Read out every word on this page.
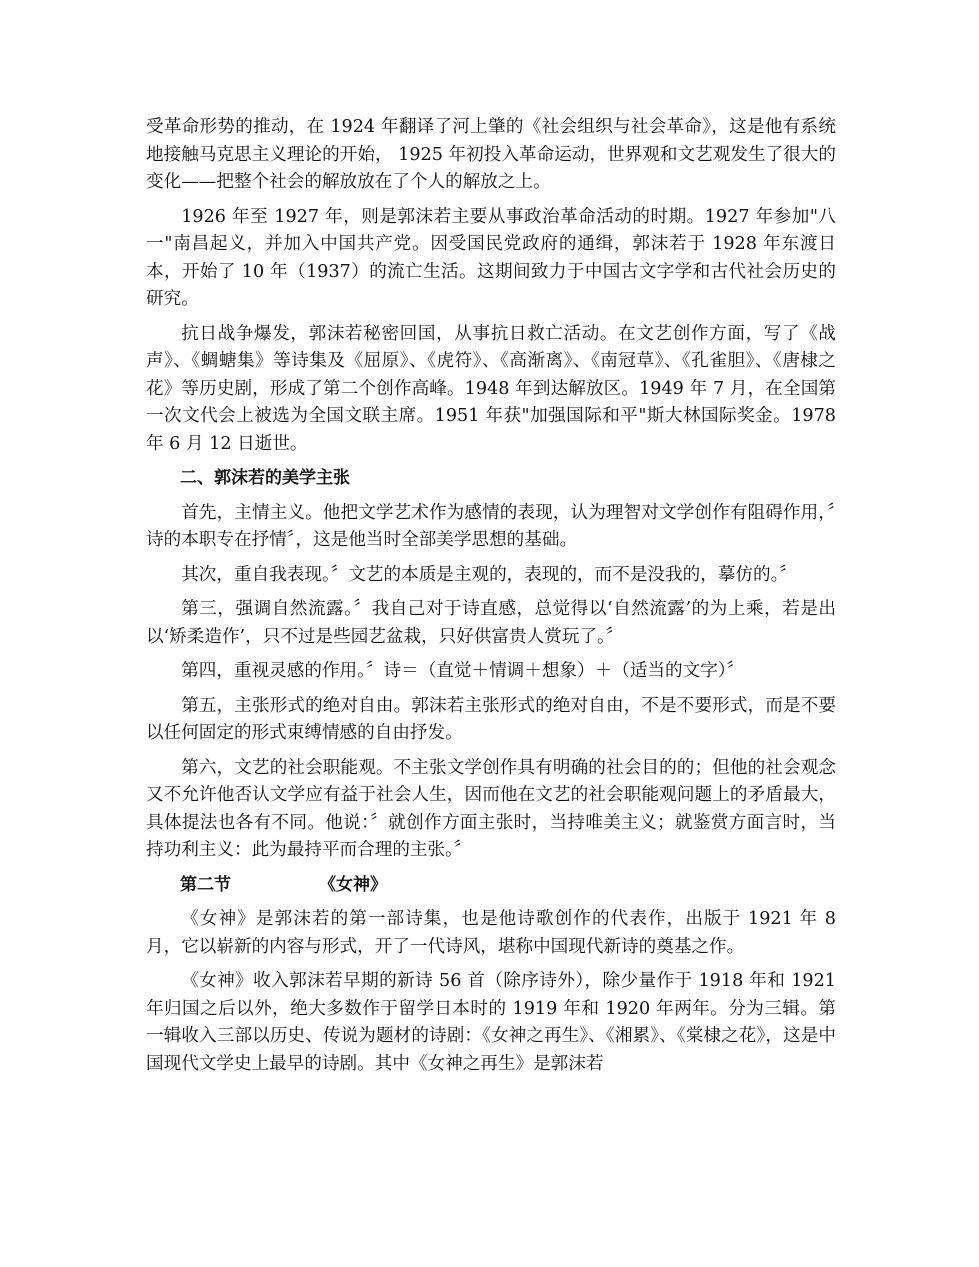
受革命形势的推动，在 1924 年翻译了河上肇的《社会组织与社会革命》，这是他有系统地接触马克思主义理论的开始， 1925 年初投入革命运动，世界观和文艺观发生了很大的变化——把整个社会的解放放在了个人的解放之上。

1926 年至 1927 年，则是郭沫若主要从事政治革命活动的时期。1927 年参加"八一"南昌起义，并加入中国共产党。因受国民党政府的通缉，郭沫若于 1928 年东渡日本，开始了 10 年（1937）的流亡生活。这期间致力于中国古文字学和古代社会历史的研究。

抗日战争爆发，郭沫若秘密回国，从事抗日救亡活动。在文艺创作方面，写了《战声》、《蜩螗集》等诗集及《屈原》、《虎符》、《高渐离》、《南冠草》、《孔雀胆》、《唐棣之花》等历史剧，形成了第二个创作高峰。1948 年到达解放区。1949 年 7 月，在全国第一次文代会上被选为全国文联主席。1951 年获"加强国际和平"斯大林国际奖金。1978 年 6 月 12 日逝世。

二、郭沫若的美学主张

首先，主情主义。他把文学艺术作为感情的表现，认为理智对文学创作有阻碍作用，〞诗的本职专在抒情〞，这是他当时全部美学思想的基础。

其次，重自我表现。〞文艺的本质是主观的，表现的，而不是没我的，摹仿的。〞

第三，强调自然流露。〞我自己对于诗直感，总觉得以‘自然流露’的为上乘，若是出以‘矫柔造作’，只不过是些园艺盆栽，只好供富贵人赏玩了。〞

第四，重视灵感的作用。〞诗＝（直觉＋情调＋想象）＋（适当的文字）〞

第五，主张形式的绝对自由。郭沫若主张形式的绝对自由，不是不要形式，而是不要以任何固定的形式束缚情感的自由抒发。

第六，文艺的社会职能观。不主张文学创作具有明确的社会目的的；但他的社会观念又不允许他否认文学应有益于社会人生，因而他在文艺的社会职能观问题上的矛盾最大，具体提法也各有不同。他说：〞就创作方面主张时，当持唯美主义；就鉴赏方面言时，当持功利主义：此为最持平而合理的主张。〞

第二节	《女神》

《女神》是郭沫若的第一部诗集，也是他诗歌创作的代表作，出版于 1921 年 8 月，它以崭新的内容与形式，开了一代诗风，堪称中国现代新诗的奠基之作。

《女神》收入郭沫若早期的新诗 56 首（除序诗外），除少量作于 1918 年和 1921 年归国之后以外，绝大多数作于留学日本时的 1919 年和 1920 年两年。分为三辑。第一辑收入三部以历史、传说为题材的诗剧：《女神之再生》、《湘累》、《棠棣之花》，这是中国现代文学史上最早的诗剧。其中《女神之再生》是郭沫若
